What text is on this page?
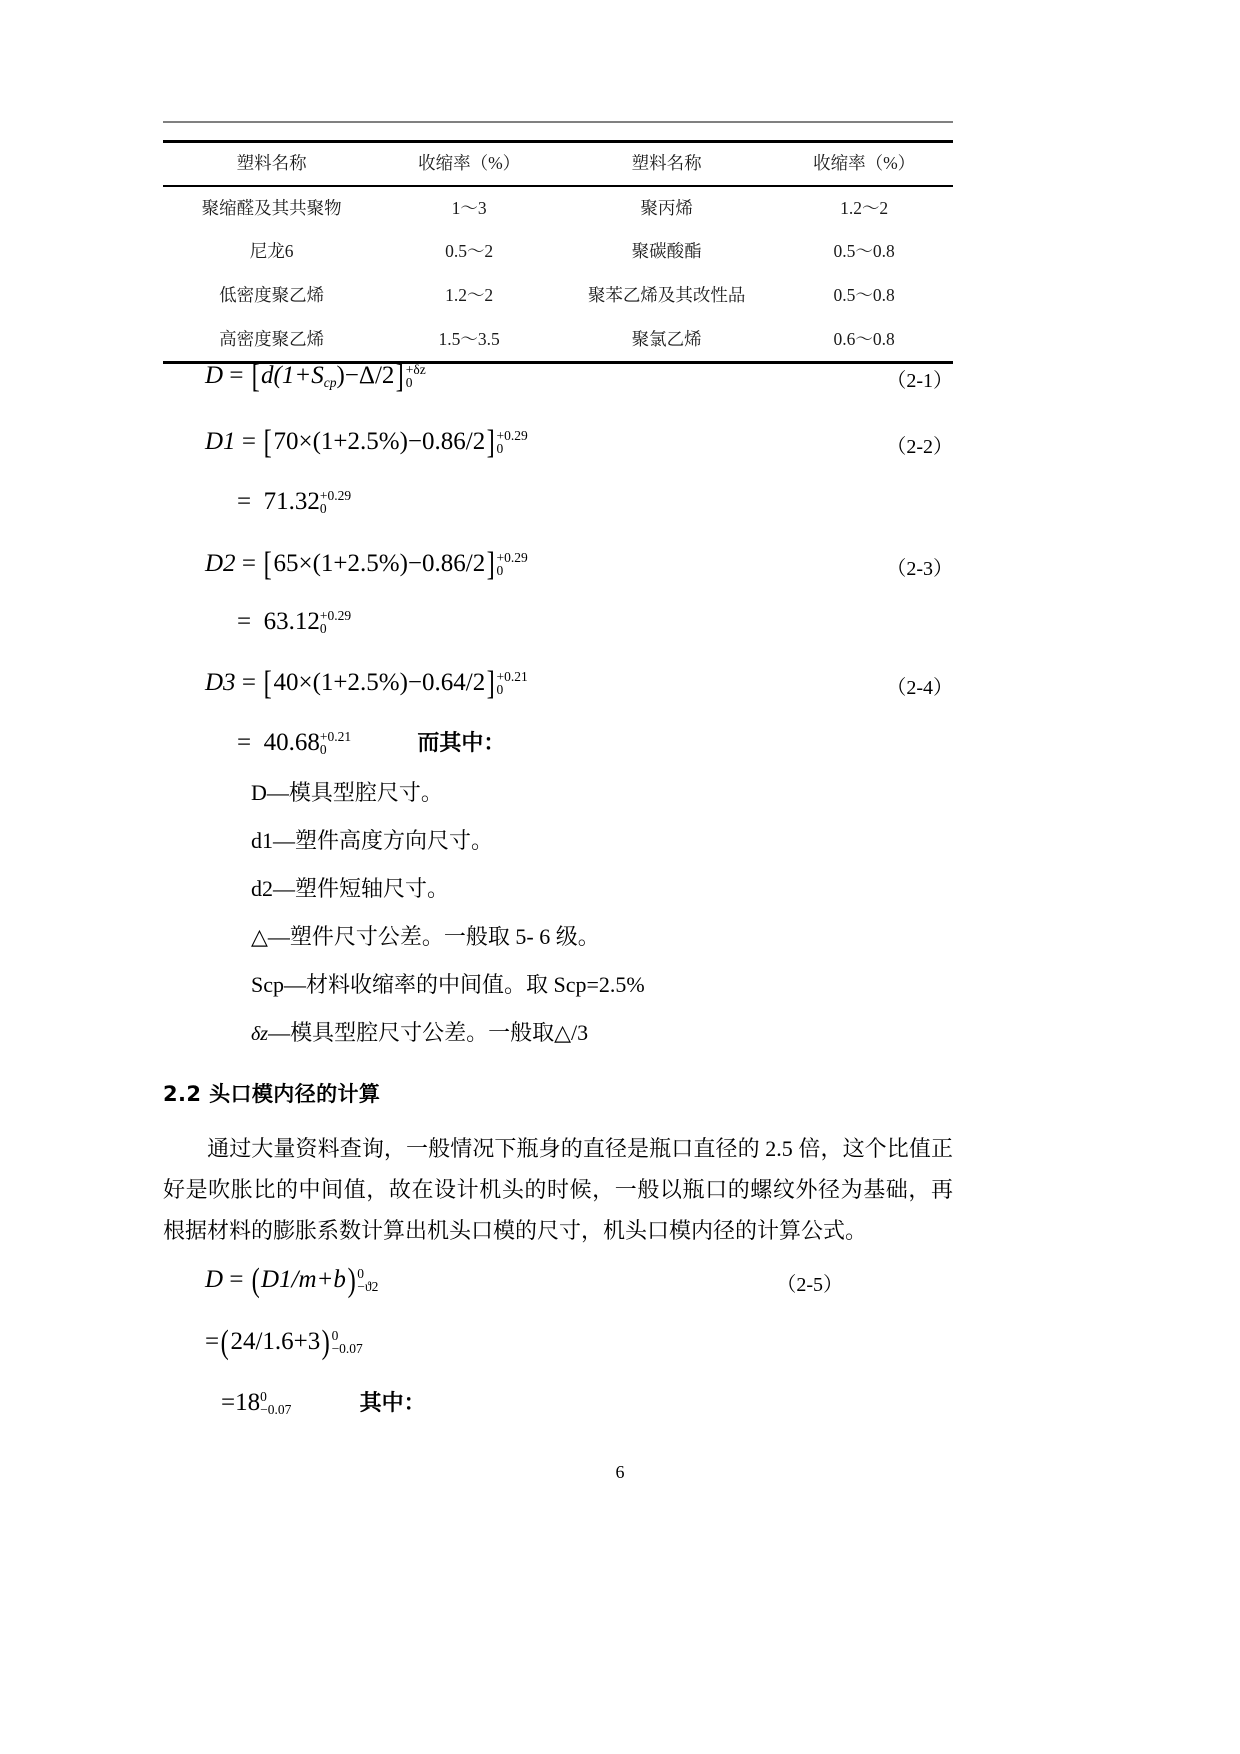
塑料名称	收缩率（%）	塑料名称	收缩率（%）
聚缩醛及其共聚物	1～3	聚丙烯	1.2～2
尼龙6	0.5～2	聚碳酸酯	0.5～0.8
低密度聚乙烯	1.2～2	聚苯乙烯及其改性品	0.5～0.8
高密度聚乙烯	1.5～3.5	聚氯乙烯	0.6～0.8
D = [d(1+Scp)−Δ/2] +δz
0	（2-1）
D1 = [70×(1+2.5%)−0.86/2] +0.29
0	（2-2）
= 71.32 +0.29
0
D2 = [65×(1+2.5%)−0.86/2] +0.29
0	（2-3）
= 63.12 +0.29
0
D3 = [40×(1+2.5%)−0.64/2] +0.21
0	（2-4）
= 40.68 +0.21
0	而其中：
D—模具型腔尺寸。
d1—塑件高度方向尺寸。
d2—塑件短轴尺寸。
△—塑件尺寸公差。一般取 5- 6 级。
Scp—材料收缩率的中间值。取 Scp=2.5%
δz—模具型腔尺寸公差。一般取△/3
2.2 头口模内径的计算
通过大量资料查询，一般情况下瓶身的直径是瓶口直径的 2.5 倍，这个比值正好是吹胀比的中间值，故在设计机头的时候，一般以瓶口的螺纹外径为基础，再根据材料的膨胀系数计算出机头口模的尺寸，机头口模内径的计算公式。
D = (D1/m+b) 0
−ϑ2	（2-5）
=(24/1.6+3) 0
−0.07
=18 0
−0.07	其中：
6
